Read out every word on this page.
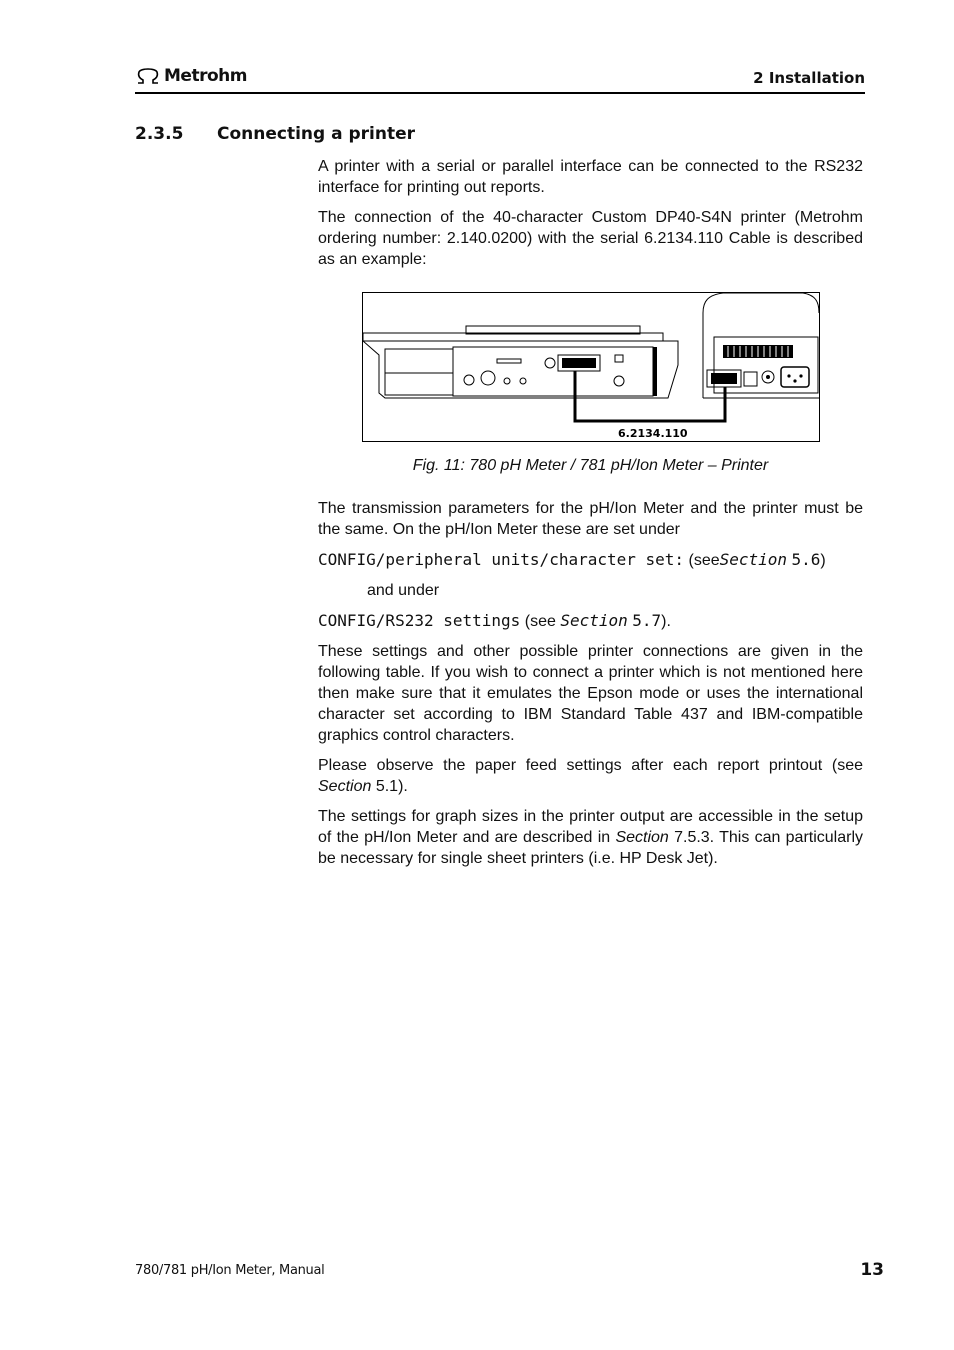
Metrohm	2 Installation
2.3.5 Connecting a printer

A printer with a serial or parallel interface can be connected to the RS232 interface for printing out reports.

The connection of the 40-character Custom DP40-S4N printer (Metrohm ordering number: 2.140.0200) with the serial 6.2134.110 Cable is described as an example:

6.2134.110
Fig. 11: 780 pH Meter / 781 pH/Ion Meter – Printer

The transmission parameters for the pH/Ion Meter and the printer must be the same. On the pH/Ion Meter these are set under

CONFIG/peripheral units/character set: (seeSection 5.6)

and under

CONFIG/RS232 settings (see Section 5.7).

These settings and other possible printer connections are given in the following table. If you wish to connect a printer which is not mentioned here then make sure that it emulates the Epson mode or uses the international character set according to IBM Standard Table 437 and IBM-compatible graphics control characters.

Please observe the paper feed settings after each report printout (see Section 5.1).

The settings for graph sizes in the printer output are accessible in the setup of the pH/Ion Meter and are described in Section 7.5.3. This can particularly be necessary for single sheet printers (i.e. HP Desk Jet).

780/781 pH/Ion Meter, Manual	13
